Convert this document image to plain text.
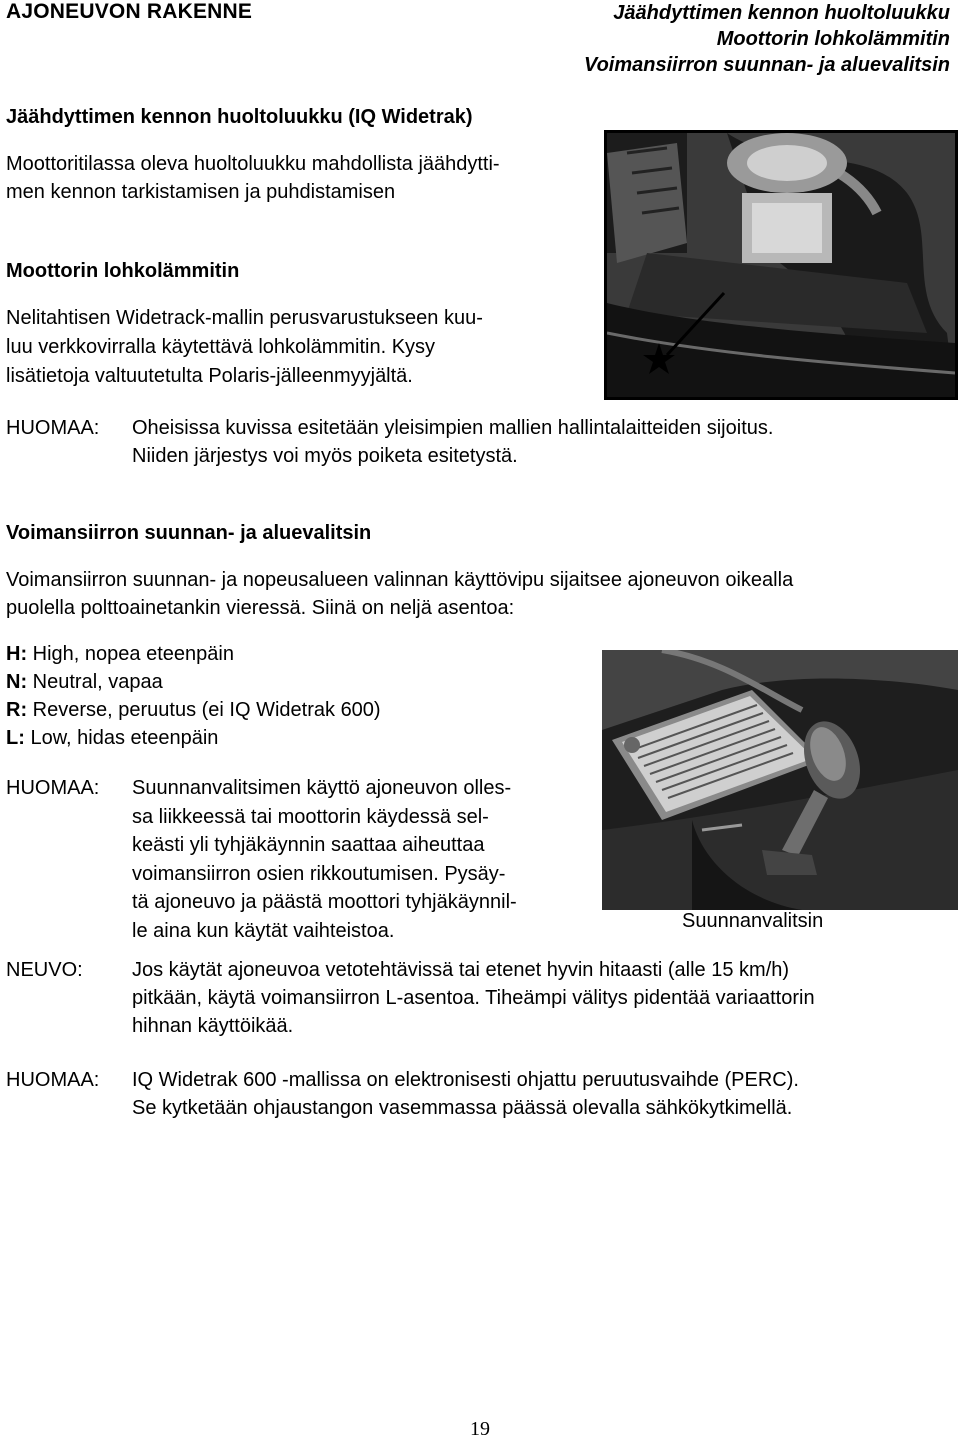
AJONEUVON RAKENNE	Jäähdyttimen kennon huoltoluukku
Moottorin lohkolämmitin
Voimansiirron suunnan- ja aluevalitsin
Jäähdyttimen kennon huoltoluukku (IQ Widetrak)
Moottoritilassa oleva huoltoluukku mahdollista jäähdytti-
men kennon tarkistamisen ja puhdistamisen
Moottorin lohkolämmitin
Nelitahtisen Widetrack-mallin perusvarustukseen kuu-
luu verkkovirralla käytettävä lohkolämmitin. Kysy
lisätietoja valtuutetulta Polaris-jälleenmyyjältä.
HUOMAA: Oheisissa kuvissa esitetään yleisimpien mallien hallintalaitteiden sijoitus.
Niiden järjestys voi myös poiketa esitetystä.
Voimansiirron suunnan- ja aluevalitsin
Voimansiirron suunnan- ja nopeusalueen valinnan käyttövipu sijaitsee ajoneuvon oikealla
puolella polttoainetankin vieressä. Siinä on neljä asentoa:
H: High, nopea eteenpäin
N: Neutral, vapaa
R: Reverse, peruutus (ei IQ Widetrak 600)
L: Low, hidas eteenpäin
Suunnanvalitsin
HUOMAA: Suunnanvalitsimen käyttö ajoneuvon olles-
sa liikkeessä tai moottorin käydessä sel-
keästi yli tyhjäkäynnin saattaa aiheuttaa
voimansiirron osien rikkoutumisen. Pysäy-
tä ajoneuvo ja päästä moottori tyhjäkäynnil-
le aina kun käytät vaihteistoa.
NEUVO: Jos käytät ajoneuvoa vetotehtävissä tai etenet hyvin hitaasti (alle 15 km/h)
pitkään, käytä voimansiirron L-asentoa. Tiheämpi välitys pidentää variaattorin
hihnan käyttöikää.
HUOMAA: IQ Widetrak 600 -mallissa on elektronisesti ohjattu peruutusvaihde (PERC).
Se kytketään ohjaustangon vasemmassa päässä olevalla sähkökytkimellä.
19
